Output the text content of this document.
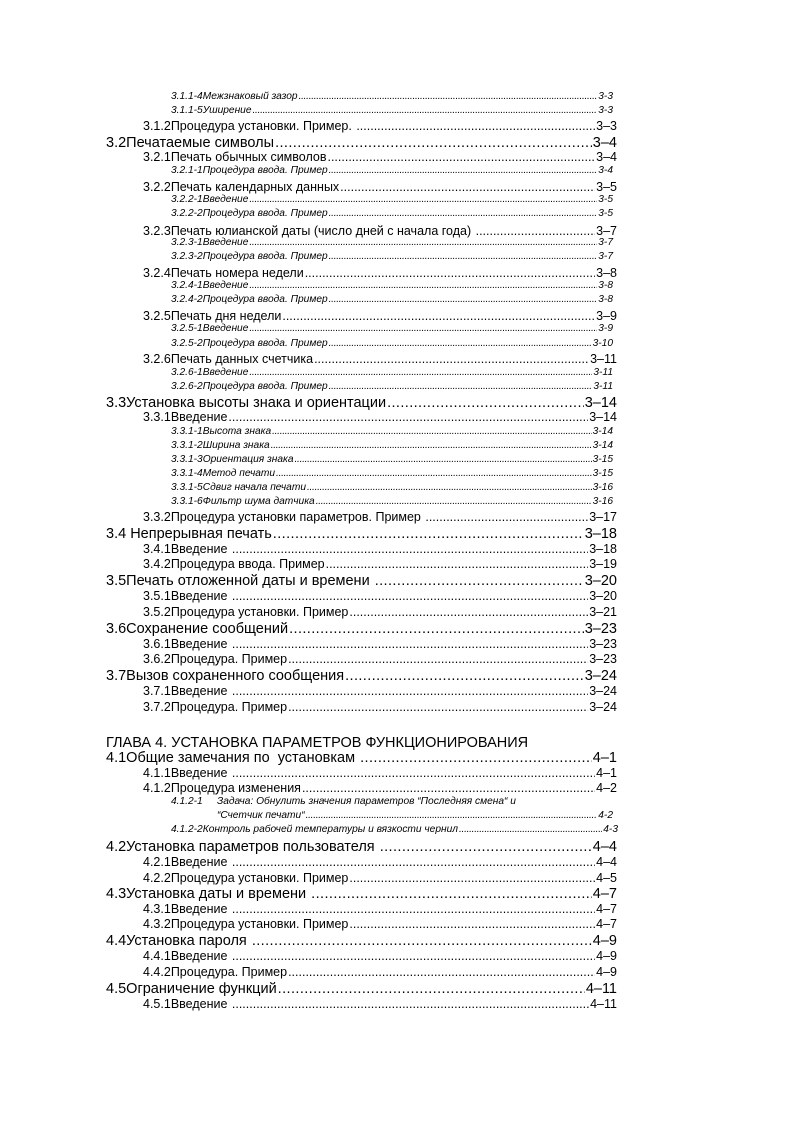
3.1.1-4 Межзнаковый зазор .....	3-3
3.1.1-5 Уширение .....	3-3
3.1.2 Процедура установки. Пример. .....	3–3
3.2 Печатаемые символы .....	3–4
3.2.1 Печать обычных символов .....	3–4
3.2.1-1 Процедура ввода. Пример .....	3-4
3.2.2 Печать календарных данных .....	3–5
3.2.2-1 Введение .....	3-5
3.2.2-2 Процедура ввода. Пример .....	3-5
3.2.3 Печать юлианской даты (число дней с начала года) .....	3–7
3.2.3-1 Введение .....	3-7
3.2.3-2 Процедура ввода. Пример .....	3-7
3.2.4 Печать номера недели .....	3–8
3.2.4-1 Введение .....	3-8
3.2.4-2 Процедура ввода. Пример .....	3-8
3.2.5 Печать дня недели .....	3–9
3.2.5-1 Введение .....	3-9
3.2.5-2 Процедура ввода. Пример .....	3-10
3.2.6 Печать данных счетчика .....	3–11
3.2.6-1 Введение .....	3-11
3.2.6-2 Процедура ввода. Пример .....	3-11
3.3 Установка высоты знака и ориентации .....	3–14
3.3.1 Введение .....	3–14
3.3.1-1 Высота знака .....	3-14
3.3.1-2 Ширина знака .....	3-14
3.3.1-3 Ориентация знака .....	3-15
3.3.1-4 Метод печати .....	3-15
3.3.1-5 Сдвиг начала печати .....	3-16
3.3.1-6 Фильтр шума датчика .....	3-16
3.3.2 Процедура установки параметров. Пример .....	3–17
3.4 Непрерывная печать .....	3–18
3.4.1 Введение .....	3–18
3.4.2 Процедура ввода. Пример .....	3–19
3.5 Печать отложенной даты и времени .....	3–20
3.5.1 Введение .....	3–20
3.5.2 Процедура установки. Пример .....	3–21
3.6 Сохранение сообщений .....	3–23
3.6.1 Введение .....	3–23
3.6.2 Процедура. Пример .....	3–23
3.7 Вызов сохраненного сообщения .....	3–24
3.7.1 Введение .....	3–24
3.7.2 Процедура. Пример .....	3–24
4.1 Общие замечания по  установкам .....	4–1
4.1.1 Введение .....	4–1
4.1.2 Процедура изменения .....	4–2
4.1.2-1	Задача: Обнулить значения параметров “Последняя смена“ и
“Счетчик печати“ .....	4-2
4.1.2-2 Контроль рабочей температуры и вязкости чернил .....	4-3
4.2 Установка параметров пользователя .....	4–4
4.2.1 Введение .....	4–4
4.2.2 Процедура установки. Пример .....	4–5
4.3 Установка даты и времени .....	4–7
4.3.1 Введение .....	4–7
4.3.2 Процедура установки. Пример .....	4–7
4.4 Установка пароля .....	4–9
4.4.1 Введение .....	4–9
4.4.2 Процедура. Пример .....	4–9
4.5 Ограничение функций .....	4–11
4.5.1 Введение .....	4–11
ГЛАВА 4. УСТАНОВКА ПАРАМЕТРОВ ФУНКЦИОНИРОВАНИЯ
